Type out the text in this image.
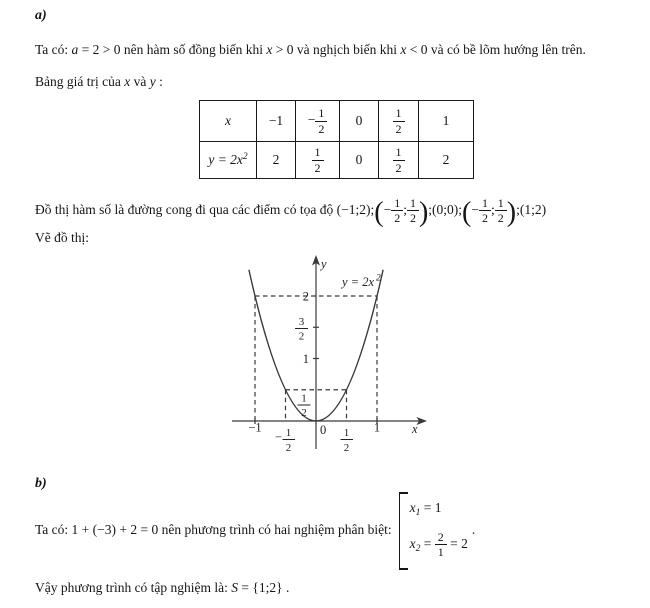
a)
Ta có: a = 2 > 0 nên hàm số đồng biến khi x > 0 và nghịch biến khi x < 0 và có bề lõm hướng lên trên.
Bảng giá trị của x và y :
x	−1	− $\frac{1}{2}$	0	$\frac{1}{2}$	1
$y = 2x^2$	2	$\frac{1}{2}$	0	$\frac{1}{2}$	2
Đồ thị hàm số là đường cong đi qua các điểm có tọa độ (−1;2);(− $\frac{1}{2}$ ; $\frac{1}{2}$ );(0;0);(− $\frac{1}{2}$ ; $\frac{1}{2}$ );(1;2)
Vẽ đồ thị:
y
x
0
2
1
3
2
1
2
−1	1
− 1
2
1
2
y = 2x 2
b)
Ta có: 1 + (−3) + 2 = 0 nên phương trình có hai nghiệm phân biệt:
$x_1 = 1$
$x_2 = \frac{2}{1} = 2$
.
Vậy phương trình có tập nghiệm là: S = {1;2} .
